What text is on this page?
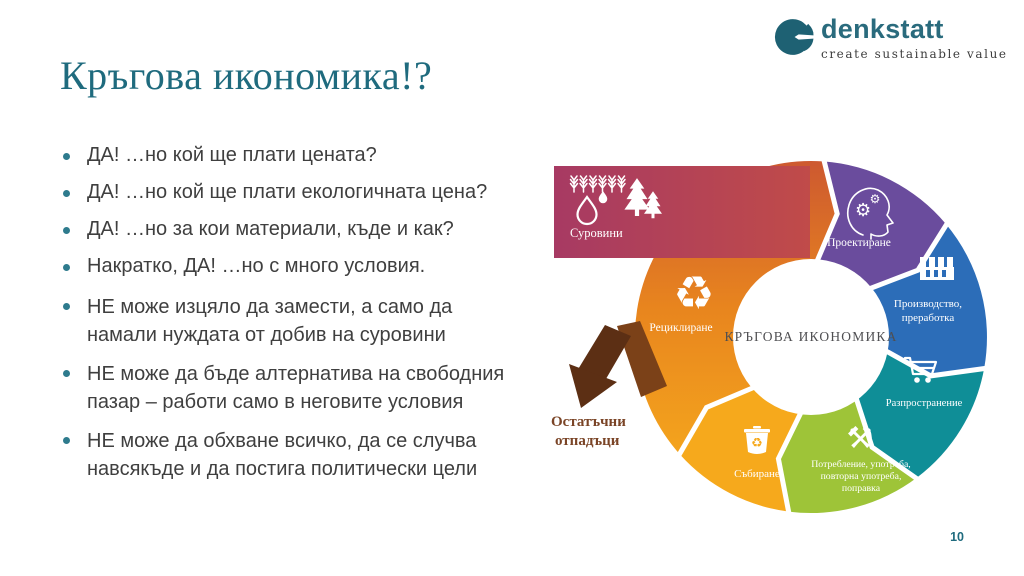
Кръгова икономика!?
denkstatt
create sustainable value
ДА! …но кой ще плати цената?
ДА! …но кой ще плати екологичната цена?
ДА! …но за кои материали, къде и как?
Накратко, ДА! …но с много условия.
НЕ може изцяло да замести, а само да
намали нуждата от добив на суровини
НЕ може да бъде алтернатива на свободния
пазар – работи само в неговите условия
НЕ може да обхване всичко, да се случва
навсякъде и да постига политически цели
Остатъчни отпадъци
⚙
⚙
⚒
♻
♻
Суровини
Проектиране
Производство, преработка
Разпространение
Потребление, употреба, повторна употреба, поправка
Събиране
Рециклиране
КРЪГОВА ИКОНОМИКА
10
